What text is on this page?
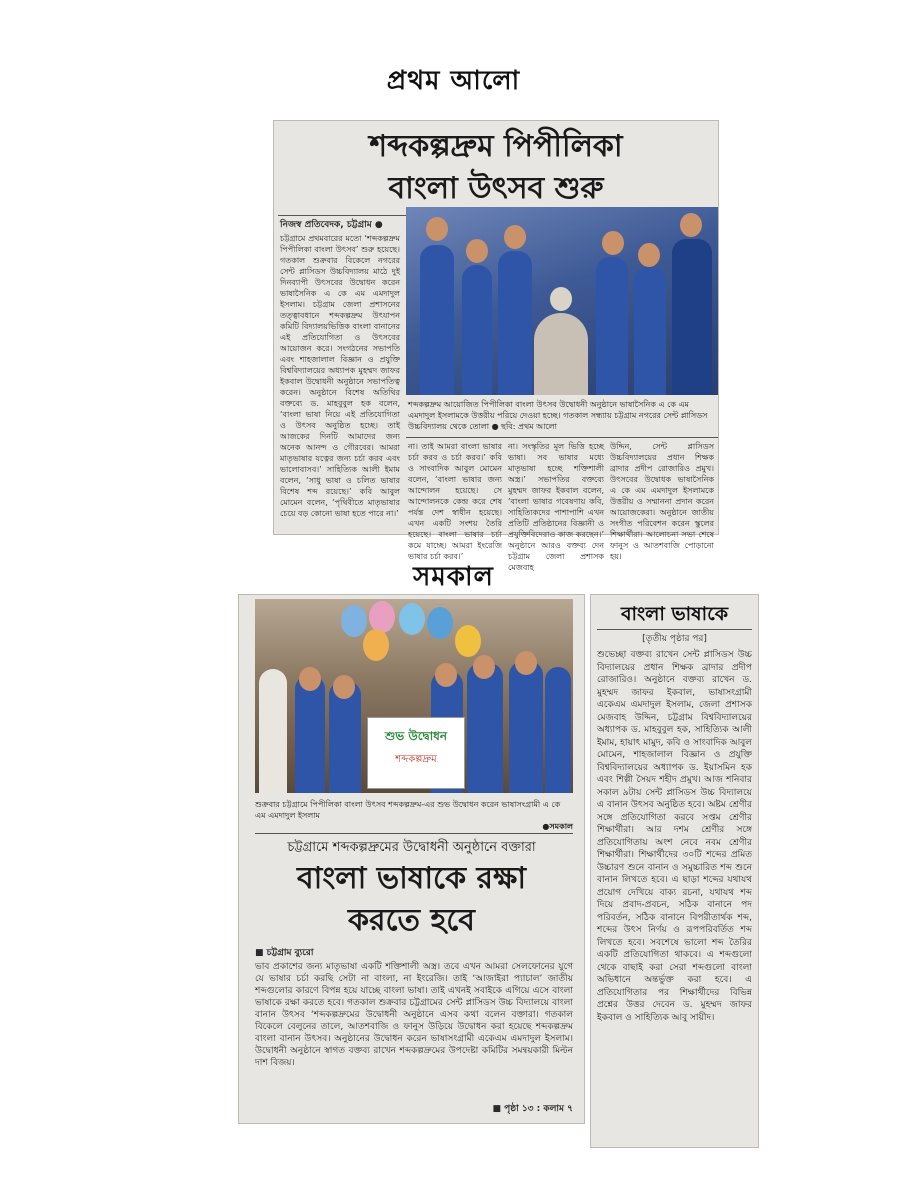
প্রথম আলো
শব্দকল্পদ্রুম পিপীলিকা
বাংলা উৎসব শুরু
নিজস্ব প্রতিবেদক, চট্টগ্রাম ●
চট্টগ্রামে প্রথমবারের মতো ‘শব্দকল্পদ্রুম পিপীলিকা বাংলা উৎসব’ শুরু হয়েছে। গতকাল শুক্রবার বিকেলে নগরের সেন্ট প্লাসিডস উচ্চবিদ্যালয় মাঠে দুই দিনব্যাপী উৎসবের উদ্বোধন করেন ভাষাসৈনিক এ কে এম এমদাদুল ইসলাম। চট্টগ্রাম জেলা প্রশাসনের তত্ত্বাবধানে শব্দকল্পদ্রুম উৎযাপন কমিটি বিদ্যালয়ভিত্তিক বাংলা বানানের এই প্রতিযোগিতা ও উৎসবের আয়োজন করে। সংগঠনের সভাপতি এবং শাহজালাল বিজ্ঞান ও প্রযুক্তি বিশ্ববিদ্যালয়ের অধ্যাপক মুহম্মদ জাফর ইকবাল উদ্বোধনী অনুষ্ঠানে সভাপতিত্ব করেন। অনুষ্ঠানে বিশেষ অতিথির বক্তব্যে ড. মাহবুবুল হক বলেন, ‘বাংলা ভাষা নিয়ে এই প্রতিযোগিতা ও উৎসব অনুষ্ঠিত হচ্ছে। তাই আজকের দিনটি আমাদের জন্য অনেক আনন্দ ও গৌরবের। আমরা মাতৃভাষার যত্নের জন্য চর্চা করব এবং ভালোবাসব।’ সাহিত্যিক আলী ইমাম বলেন, ‘সাধু ভাষা ও চলিত ভাষার বিশেষ শব্দ রয়েছে।’ কবি আবুল মোমেন বলেন, ‘পৃথিবীতে মাতৃভাষার চেয়ে বড় কোনো ভাষা হতে পারে না।’
শব্দকল্পদ্রুম আয়োজিত পিপীলিকা বাংলা উৎসব উদ্বোধনী অনুষ্ঠানে ভাষাসৈনিক এ কে এম এমদাদুল ইসলামকে উত্তরীয় পরিয়ে দেওয়া হচ্ছে। গতকাল সন্ধ্যায় চট্টগ্রাম নগরের সেন্ট প্লাসিডস উচ্চবিদ্যালয় থেকে তোলা ● ছবি: প্রথম আলো
না। তাই আমরা বাংলা ভাষার চর্চা করব ও চর্চা করব।’ কবি ও সাংবাদিক আবুল মোমেন বলেন, ‘বাংলা ভাষার জন্য আন্দোলন হয়েছে। সে আন্দোলনকে কেন্দ্র করে শেষ পর্যন্ত দেশ স্বাধীন হয়েছে। এখন একটি সংশয় তৈরি হয়েছে। বাংলা ভাষার চর্চা কমে যাচ্ছে। আমরা ইংরেজি ভাষার চর্চা করব।’
না। সংস্কৃতির মূল ভিত্তি হচ্ছে ভাষা। সব ভাষার মধ্যে মাতৃভাষা হচ্ছে শক্তিশালী অস্ত্র।’ সভাপতির বক্তব্যে মুহম্মদ জাফর ইকবাল বলেন, ‘বাংলা ভাষার গবেষণায় কবি, সাহিত্যিকদের পাশাপাশি এখন প্রতিটি প্রতিষ্ঠানের বিজ্ঞানী ও প্রযুক্তিবিদেরাও কাজ করছেন।’ অনুষ্ঠানে আরও বক্তব্য দেন চট্টগ্রাম জেলা প্রশাসক মেজবাহ
উদ্দিন, সেন্ট প্লাসিডস উচ্চবিদ্যালয়ের প্রধান শিক্ষক ব্রাদার প্রদীপ রোজারিও প্রমুখ। উৎসবের উদ্বোধক ভাষাসৈনিক এ কে এম এমদাদুল ইসলামকে উত্তরীয় ও সম্মাননা প্রদান করেন আয়োজকেরা। অনুষ্ঠানে জাতীয় সংগীত পরিবেশন করেন স্কুলের শিক্ষার্থীরা। আলোচনা সভা শেষে ফানুস ও আতশবাজি পোড়ানো হয়।
সমকাল
শুভ উদ্বোধন
শব্দকল্পদ্রুম
শুক্রবার চট্টগ্রামে পিপীলিকা বাংলা উৎসব শব্দকল্পদ্রুম-এর শুভ উদ্বোধন করেন ভাষাসংগ্রামী এ কে এম এমদাদুল ইসলাম
●সমকাল
চট্টগ্রামে শব্দকল্পদ্রুমের উদ্বোধনী অনুষ্ঠানে বক্তারা
বাংলা ভাষাকে রক্ষা
করতে হবে
■ চট্টগ্রাম ব্যুরো
ভাব প্রকাশের জন্য মাতৃভাষা একটি শক্তিশালী অস্ত্র। তবে এখন আমরা সেলফোনের যুগে যে ভাষার চর্চা করছি সেটা না বাংলা, না ইংরেজি। তাই ‘আজাইরা প্যাচাল’ জাতীয় শব্দগুলোর কারণে বিপন্ন হয়ে যাচ্ছে বাংলা ভাষা। তাই এখনই সবাইকে এগিয়ে এসে বাংলা ভাষাকে রক্ষা করতে হবে। গতকাল শুক্রবার চট্টগ্রামের সেন্ট প্লাসিডস উচ্চ বিদ্যালয়ে বাংলা বানান উৎসব ‘শব্দকল্পদ্রুমের উদ্বোধনী অনুষ্ঠানে এসব কথা বলেন বক্তারা। গতকাল বিকেলে বেলুনের তালে, আতশবাজি ও ফানুস উড়িয়ে উদ্বোধন করা হয়েছে শব্দকল্পদ্রুম বাংলা বানান উৎসব। অনুষ্ঠানের উদ্বোধন করেন ভাষাসংগ্রামী একেএম এমদাদুল ইসলাম। উদ্বোধনী অনুষ্ঠানে স্বাগত বক্তব্য রাখেন শব্দকল্পদ্রুমের উপদেষ্টা কমিটির সমন্বয়কারী মিল্টন দাশ বিজয়।
■ পৃষ্ঠা ১৩ : কলাম ৭
বাংলা ভাষাকে
[তৃতীয় পৃষ্ঠার পর]
শুভেচ্ছা বক্তব্য রাখেন সেন্ট প্লাসিডস উচ্চ বিদ্যালয়ের প্রধান শিক্ষক ব্রাদার প্রদীপ রোজারিও। অনুষ্ঠানে বক্তব্য রাখেন ড. মুহম্মদ জাফর ইকবাল, ভাষাসংগ্রামী একেএম এমদাদুল ইসলাম, জেলা প্রশাসক মেজবাহ উদ্দিন, চট্টগ্রাম বিশ্ববিদ্যালয়ের অধ্যাপক ড. মাহবুবুল হক, সাহিত্যিক আলী ইমাম, হায়াৎ মামুদ, কবি ও সাংবাদিক আবুল মোমেন, শাহজালাল বিজ্ঞান ও প্রযুক্তি বিশ্ববিদ্যালয়ের অধ্যাপক ড. ইয়াসমিন হক এবং শিল্পী সৈয়দ শহীদ প্রমুখ। আজ শনিবার সকাল ৯টায় সেন্ট প্লাসিডস উচ্চ বিদ্যালয়ে এ বানান উৎসব অনুষ্ঠিত হবে। অষ্টম শ্রেণীর সঙ্গে প্রতিযোগিতা করবে সপ্তম শ্রেণীর শিক্ষার্থীরা। আর দশম শ্রেণীর সঙ্গে প্রতিযোগিতায় অংশ নেবে নবম শ্রেণীর শিক্ষার্থীরা। শিক্ষার্থীদের ৩০টি শব্দের প্রমিত উচ্চারণ শুনে বানান ও সমুচ্চারিত শব্দ শুনে বানান লিখতে হবে। এ ছাড়া শব্দের যথাযথ প্রয়োগ দেখিয়ে বাক্য রচনা, যথাযথ শব্দ দিয়ে প্রবাদ-প্রবচন, সঠিক বানানে পদ পরিবর্তন, সঠিক বানানে বিপরীতার্থক শব্দ, শব্দের উৎস নির্ণয় ও রূপপরিবর্তিত শব্দ লিখতে হবে। সবশেষে ভালো শব্দ তৈরির একটি প্রতিযোগিতা থাকবে। এ শব্দগুলো থেকে বাছাই করা সেরা শব্দগুলো বাংলা অভিধানে অন্তর্ভুক্ত করা হবে। এ প্রতিযোগিতার পর শিক্ষার্থীদের বিভিন্ন প্রশ্নের উত্তর দেবেন ড. মুহম্মদ জাফর ইকবাল ও সাহিত্যিক আবু সায়ীদ।
